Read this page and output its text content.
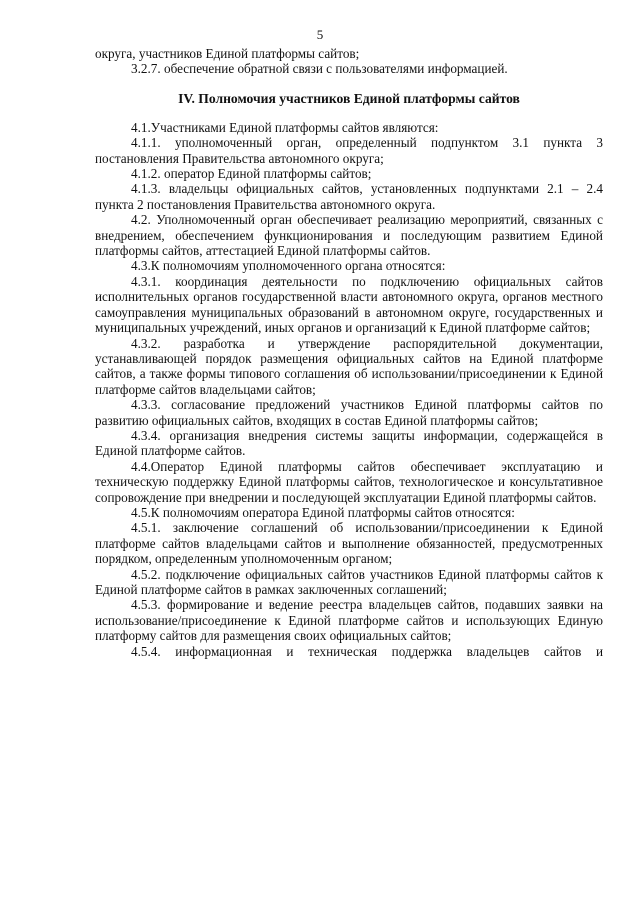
5

округа, участников Единой платформы сайтов;

3.2.7. обеспечение обратной связи с пользователями информацией.

IV. Полномочия участников Единой платформы сайтов

4.1.Участниками Единой платформы сайтов являются:

4.1.1. уполномоченный орган, определенный подпунктом 3.1 пункта 3 постановления Правительства автономного округа;

4.1.2. оператор Единой платформы сайтов;

4.1.3. владельцы официальных сайтов, установленных подпунктами 2.1 – 2.4 пункта 2 постановления Правительства автономного округа.

4.2. Уполномоченный орган обеспечивает реализацию мероприятий, связанных с внедрением, обеспечением функционирования и последующим развитием Единой платформы сайтов, аттестацией Единой платформы сайтов.

4.3.К полномочиям уполномоченного органа относятся:

4.3.1. координация деятельности по подключению официальных сайтов исполнительных органов государственной власти автономного округа, органов местного самоуправления муниципальных образований в автономном округе, государственных и муниципальных учреждений, иных органов и организаций к Единой платформе сайтов;

4.3.2. разработка и утверждение распорядительной документации, устанавливающей порядок размещения официальных сайтов на Единой платформе сайтов, а также формы типового соглашения об использовании/присоединении к Единой платформе сайтов владельцами сайтов;

4.3.3. согласование предложений участников Единой платформы сайтов по развитию официальных сайтов, входящих в состав Единой платформы сайтов;

4.3.4. организация внедрения системы защиты информации, содержащейся в Единой платформе сайтов.

4.4.Оператор Единой платформы сайтов обеспечивает эксплуатацию и техническую поддержку Единой платформы сайтов, технологическое и консультативное сопровождение при внедрении и последующей эксплуатации Единой платформы сайтов.

4.5.К полномочиям оператора Единой платформы сайтов относятся:

4.5.1. заключение соглашений об использовании/присоединении к Единой платформе сайтов владельцами сайтов и выполнение обязанностей, предусмотренных порядком, определенным уполномоченным органом;

4.5.2. подключение официальных сайтов участников Единой платформы сайтов к Единой платформе сайтов в рамках заключенных соглашений;

4.5.3. формирование и ведение реестра владельцев сайтов, подавших заявки на использование/присоединение к Единой платформе сайтов и использующих Единую платформу сайтов для размещения своих официальных сайтов;

4.5.4. информационная и техническая поддержка владельцев сайтов и
